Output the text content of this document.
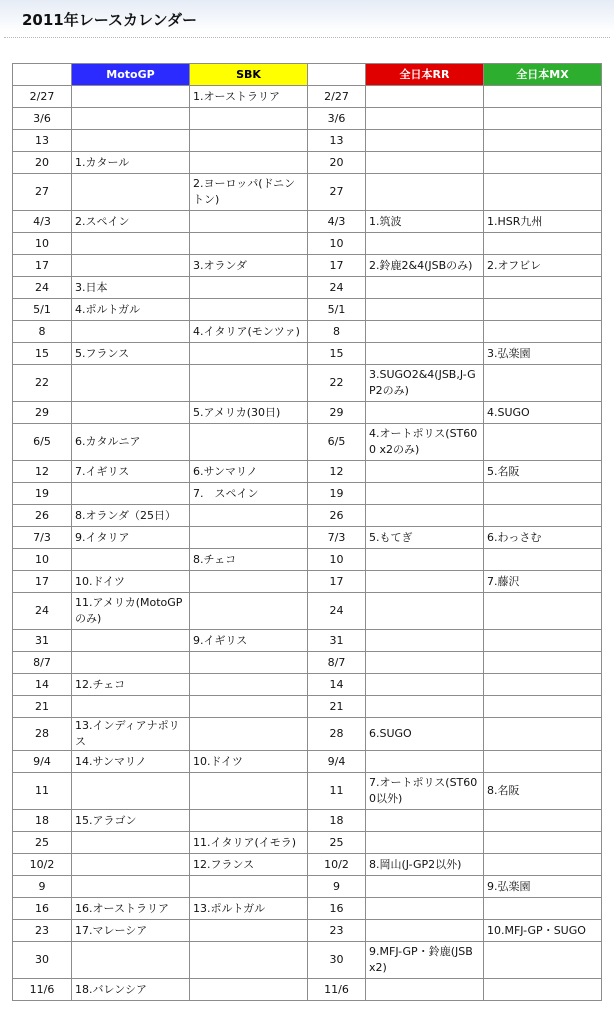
2011年レースカレンダー
	MotoGP	SBK		全日本RR	全日本MX
2/27		1.オーストラリア	2/27		
3/6			3/6		
13			13		
20	1.カタール		20		
27		2.ヨーロッパ(ドニントン)	27		
4/3	2.スペイン		4/3	1.筑波	1.HSR九州
10			10		
17		3.オランダ	17	2.鈴鹿2&4(JSBのみ)	2.オフビレ
24	3.日本		24		
5/1	4.ポルトガル		5/1		
8		4.イタリア(モンツァ)	8		
15	5.フランス		15		3.弘楽園
22			22	3.SUGO2&4(JSB,J-GP2のみ)	
29		5.アメリカ(30日)	29		4.SUGO
6/5	6.カタルニア		6/5	4.オートポリス(ST600 x2のみ)	
12	7.イギリス	6.サンマリノ	12		5.名阪
19		7.　スペイン	19		
26	8.オランダ（25日）		26		
7/3	9.イタリア		7/3	5.もてぎ	6.わっさむ
10		8.チェコ	10		
17	10.ドイツ		17		7.藤沢
24	11.アメリカ(MotoGPのみ)		24		
31		9.イギリス	31		
8/7			8/7		
14	12.チェコ		14		
21			21		
28	13.インディアナポリス		28	6.SUGO	
9/4	14.サンマリノ	10.ドイツ	9/4		
11			11	7.オートポリス(ST600以外)	8.名阪
18	15.アラゴン		18		
25		11.イタリア(イモラ)	25		
10/2		12.フランス	10/2	8.岡山(J-GP2以外)	
9			9		9.弘楽園
16	16.オーストラリア	13.ポルトガル	16		
23	17.マレーシア		23		10.MFJ-GP・SUGO
30			30	9.MFJ-GP・鈴鹿(JSB x2)	
11/6	18.バレンシア		11/6		
